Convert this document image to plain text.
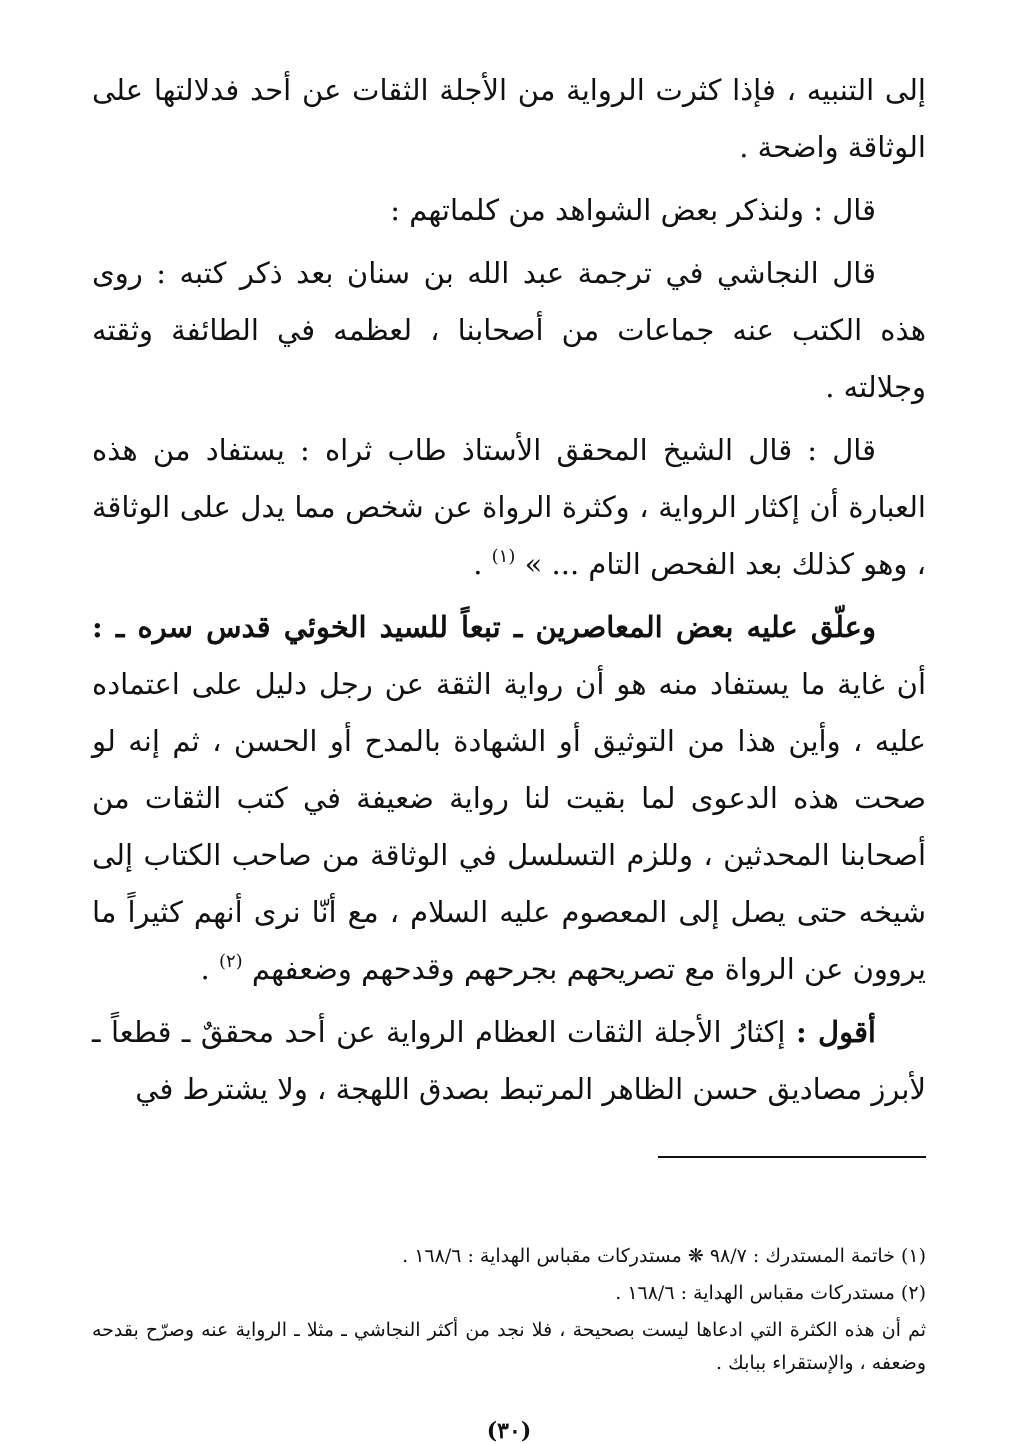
إلى التنبيه ، فإذا كثرت الرواية من الأجلة الثقات عن أحد فدلالتها على الوثاقة واضحة .

قال : ولنذكر بعض الشواهد من كلماتهم :

قال النجاشي في ترجمة عبد الله بن سنان بعد ذكر كتبه : روى هذه الكتب عنه جماعات من أصحابنا ، لعظمه في الطائفة وثقته وجلالته .

قال : قال الشيخ المحقق الأستاذ طاب ثراه : يستفاد من هذه العبارة أن إكثار الرواية ، وكثرة الرواة عن شخص مما يدل على الوثاقة ، وهو كذلك بعد الفحص التام ... » $^{(١)}$ .

وعلّق عليه بعض المعاصرين ـ تبعاً للسيد الخوئي قدس سره ـ : أن غاية ما يستفاد منه هو أن رواية الثقة عن رجل دليل على اعتماده عليه ، وأين هذا من التوثيق أو الشهادة بالمدح أو الحسن ، ثم إنه لو صحت هذه الدعوى لما بقيت لنا رواية ضعيفة في كتب الثقات من أصحابنا المحدثين ، وللزم التسلسل في الوثاقة من صاحب الكتاب إلى شيخه حتى يصل إلى المعصوم عليه السلام ، مع أنّا نرى أنهم كثيراً ما يروون عن الرواة مع تصريحهم بجرحهم وقدحهم وضعفهم $^{(٢)}$ .

أقول : إكثارُ الأجلة الثقات العظام الرواية عن أحد محققٌ ـ قطعاً ـ لأبرز مصاديق حسن الظاهر المرتبط بصدق اللهجة ، ولا يشترط في

(١) خاتمة المستدرك : ٩٨/٧ ❋ مستدركات مقباس الهداية : ١٦٨/٦ .

(٢) مستدركات مقباس الهداية : ١٦٨/٦ .

ثم أن هذه الكثرة التي ادعاها ليست بصحيحة ، فلا نجد من أكثر النجاشي ـ مثلا ـ الرواية عنه وصرّح بقدحه وضعفه ، والإستقراء ببابك .

(٣٠)
